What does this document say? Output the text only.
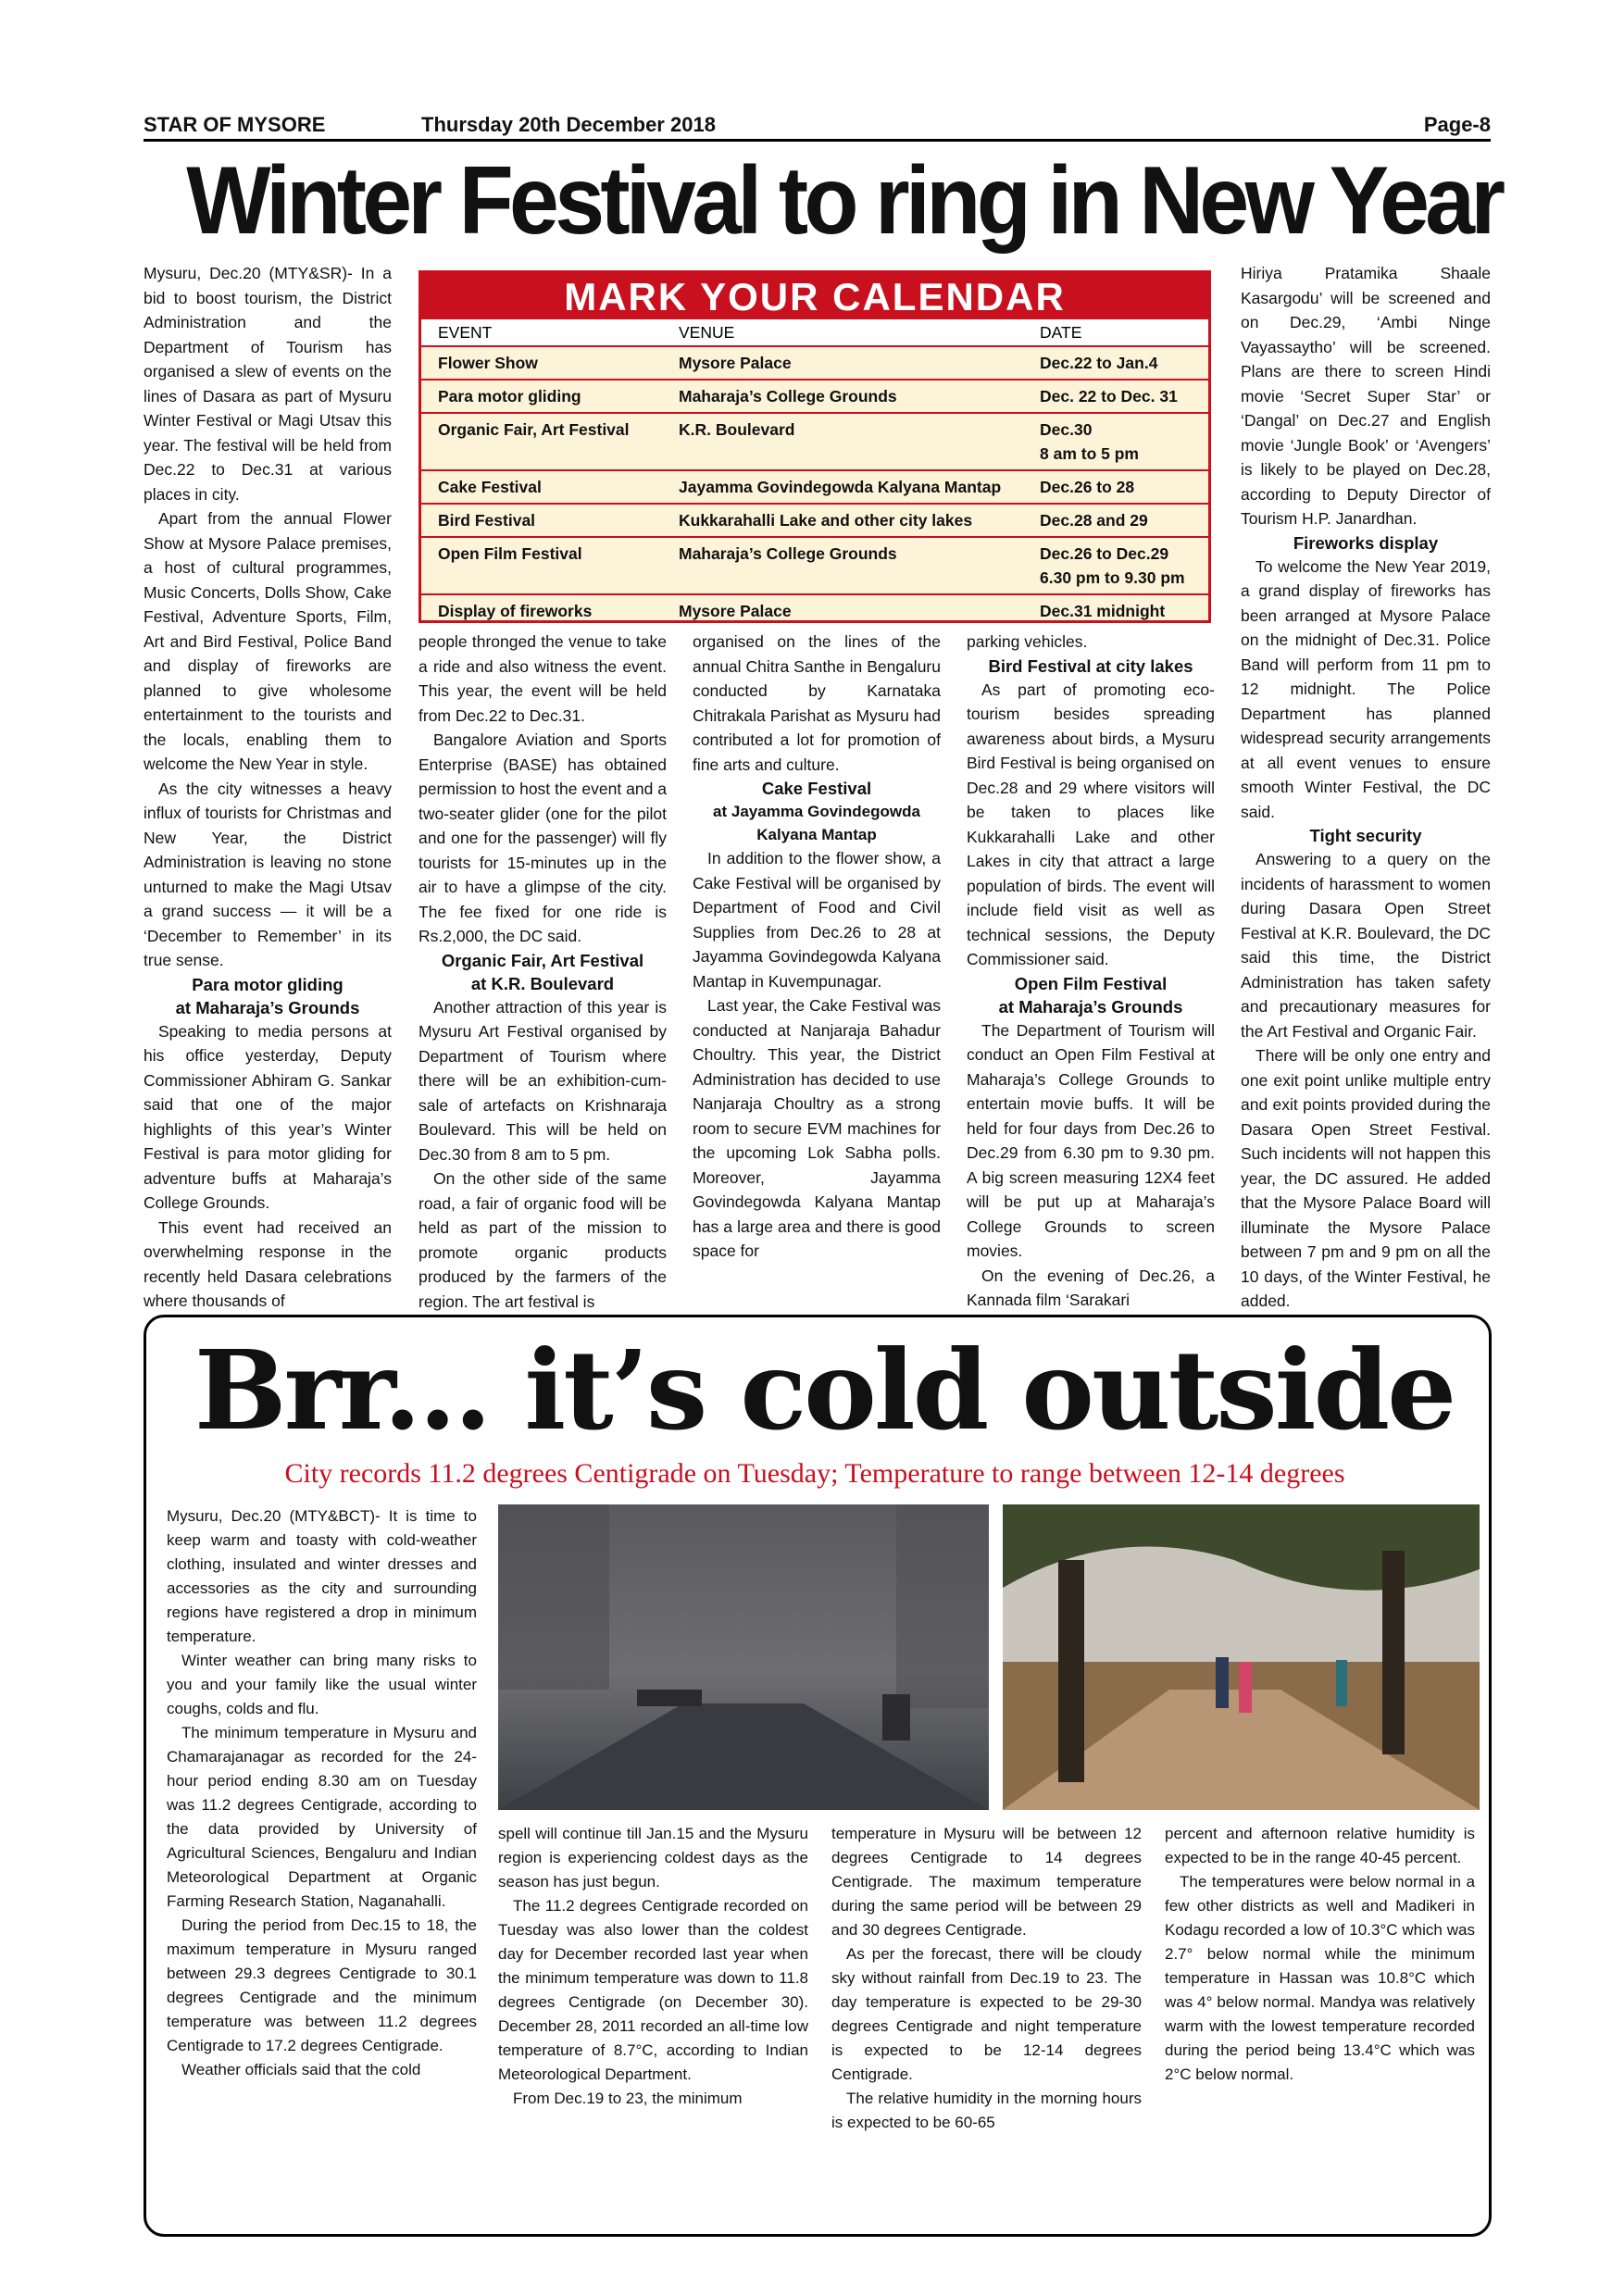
STAR OF MYSORE	Thursday 20th December 2018	Page-8
Winter Festival to ring in New Year

Mysuru, Dec.20 (MTY&SR)- In a bid to boost tourism, the District Administration and the Department of Tourism has organised a slew of events on the lines of Dasara as part of Mysuru Winter Festival or Magi Utsav this year. The festival will be held from Dec.22 to Dec.31 at various places in city.

Apart from the annual Flower Show at Mysore Palace premises, a host of cultural programmes, Music Concerts, Dolls Show, Cake Festival, Adventure Sports, Film, Art and Bird Festival, Police Band and display of fireworks are planned to give wholesome entertainment to the tourists and the locals, enabling them to welcome the New Year in style.

As the city witnesses a heavy influx of tourists for Christmas and New Year, the District Administration is leaving no stone unturned to make the Magi Utsav a grand success — it will be a ‘December to Remember’ in its true sense.

Para motor gliding
at Maharaja’s Grounds

Speaking to media persons at his office yesterday, Deputy Commissioner Abhiram G. Sankar said that one of the major highlights of this year’s Winter Festival is para motor gliding for adventure buffs at Maharaja’s College Grounds.

This event had received an overwhelming response in the recently held Dasara celebrations where thousands of

MARK YOUR CALENDAR
EVENT	VENUE	DATE
Flower Show	Mysore Palace	Dec.22 to Jan.4

Para motor gliding	Maharaja’s College Grounds	Dec. 22 to Dec. 31

Organic Fair, Art Festival	K.R. Boulevard	Dec.30
8 am to 5 pm

Cake Festival	Jayamma Govindegowda Kalyana Mantap	Dec.26 to 28

Bird Festival	Kukkarahalli Lake and other city lakes	Dec.28 and 29

Open Film Festival	Maharaja’s College Grounds	Dec.26 to Dec.29
6.30 pm to 9.30 pm

Display of fireworks	Mysore Palace	Dec.31 midnight

people thronged the venue to take a ride and also witness the event. This year, the event will be held from Dec.22 to Dec.31.

Bangalore Aviation and Sports Enterprise (BASE) has obtained permission to host the event and a two-seater glider (one for the pilot and one for the passenger) will fly tourists for 15-minutes up in the air to have a glimpse of the city. The fee fixed for one ride is Rs.2,000, the DC said.

Organic Fair, Art Festival
at K.R. Boulevard

Another attraction of this year is Mysuru Art Festival organised by Department of Tourism where there will be an exhibition-cum-sale of artefacts on Krishnaraja Boulevard. This will be held on Dec.30 from 8 am to 5 pm.

On the other side of the same road, a fair of organic food will be held as part of the mission to promote organic products produced by the farmers of the region. The art festival is

organised on the lines of the annual Chitra Santhe in Bengaluru conducted by Karnataka Chitrakala Parishat as Mysuru had contributed a lot for promotion of fine arts and culture.

Cake Festival
at Jayamma Govindegowda
Kalyana Mantap

In addition to the flower show, a Cake Festival will be organised by Department of Food and Civil Supplies from Dec.26 to 28 at Jayamma Govindegowda Kalyana Mantap in Kuvempunagar.

Last year, the Cake Festival was conducted at Nanjaraja Bahadur Choultry. This year, the District Administration has decided to use Nanjaraja Choultry as a strong room to secure EVM machines for the upcoming Lok Sabha polls. Moreover, Jayamma Govindegowda Kalyana Mantap has a large area and there is good space for

parking vehicles.

Bird Festival at city lakes

As part of promoting eco-tourism besides spreading awareness about birds, a Mysuru Bird Festival is being organised on Dec.28 and 29 where visitors will be taken to places like Kukkarahalli Lake and other Lakes in city that attract a large population of birds. The event will include field visit as well as technical sessions, the Deputy Commissioner said.

Open Film Festival
at Maharaja’s Grounds

The Department of Tourism will conduct an Open Film Festival at Maharaja’s College Grounds to entertain movie buffs. It will be held for four days from Dec.26 to Dec.29 from 6.30 pm to 9.30 pm. A big screen measuring 12X4 feet will be put up at Maharaja’s College Grounds to screen movies.

On the evening of Dec.26, a Kannada film ‘Sarakari

Hiriya Pratamika Shaale Kasargodu’ will be screened and on Dec.29, ‘Ambi Ninge Vayassaytho’ will be screened. Plans are there to screen Hindi movie ‘Secret Super Star’ or ‘Dangal’ on Dec.27 and English movie ‘Jungle Book’ or ‘Avengers’ is likely to be played on Dec.28, according to Deputy Director of Tourism H.P. Janardhan.

Fireworks display

To welcome the New Year 2019, a grand display of fireworks has been arranged at Mysore Palace on the midnight of Dec.31. Police Band will perform from 11 pm to 12 midnight. The Police Department has planned widespread security arrangements at all event venues to ensure smooth Winter Festival, the DC said.

Tight security

Answering to a query on the incidents of harassment to women during Dasara Open Street Festival at K.R. Boulevard, the DC said this time, the District Administration has taken safety and precautionary measures for the Art Festival and Organic Fair.

There will be only one entry and one exit point unlike multiple entry and exit points provided during the Dasara Open Street Festival. Such incidents will not happen this year, the DC assured. He added that the Mysore Palace Board will illuminate the Mysore Palace between 7 pm and 9 pm on all the 10 days, of the Winter Festival, he added.

Brr... it’s cold outside
City records 11.2 degrees Centigrade on Tuesday; Temperature to range between 12-14 degrees

Mysuru, Dec.20 (MTY&BCT)- It is time to keep warm and toasty with cold-weather clothing, insulated and winter dresses and accessories as the city and surrounding regions have registered a drop in minimum temperature.

Winter weather can bring many risks to you and your family like the usual winter coughs, colds and flu.

The minimum temperature in Mysuru and Chamarajanagar as recorded for the 24-hour period ending 8.30 am on Tuesday was 11.2 degrees Centigrade, according to the data provided by University of Agricultural Sciences, Bengaluru and Indian Meteorological Department at Organic Farming Research Station, Naganahalli.

During the period from Dec.15 to 18, the maximum temperature in Mysuru ranged between 29.3 degrees Centigrade to 30.1 degrees Centigrade and the minimum temperature was between 11.2 degrees Centigrade to 17.2 degrees Centigrade.

Weather officials said that the cold

spell will continue till Jan.15 and the Mysuru region is experiencing coldest days as the season has just begun.

The 11.2 degrees Centigrade recorded on Tuesday was also lower than the coldest day for December recorded last year when the minimum temperature was down to 11.8 degrees Centigrade (on December 30). December 28, 2011 recorded an all-time low temperature of 8.7°C, according to Indian Meteorological Department.

From Dec.19 to 23, the minimum

temperature in Mysuru will be between 12 degrees Centigrade to 14 degrees Centigrade. The maximum temperature during the same period will be between 29 and 30 degrees Centigrade.

As per the forecast, there will be cloudy sky without rainfall from Dec.19 to 23. The day temperature is expected to be 29-30 degrees Centigrade and night temperature is expected to be 12-14 degrees Centigrade.

The relative humidity in the morning hours is expected to be 60-65

percent and afternoon relative humidity is expected to be in the range 40-45 percent.

The temperatures were below normal in a few other districts as well and Madikeri in Kodagu recorded a low of 10.3°C which was 2.7° below normal while the minimum temperature in Hassan was 10.8°C which was 4° below normal. Mandya was relatively warm with the lowest temperature recorded during the period being 13.4°C which was 2°C below normal.
